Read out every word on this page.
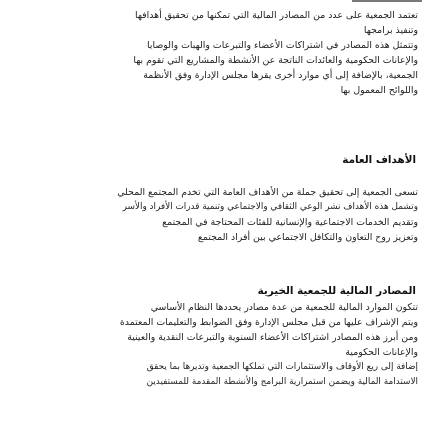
تعتمد الجمعية على عدد من المصادر المالية التي تمكنها من تحقيق أهدافها
وتنفيذ برامجها
وتتمثل هذه المصادر في اشتراكات الأعضاء والتبرعات والهبات والوصايا
والإعانات الحكومية والعائدات الناتجة عن الأنشطة والمشاريع التي تقوم بها
الجمعية، بالإضافة إلى أي موارد أخرى يقرها مجلس الإدارة وفق الأنظمة
واللوائح المعمول بها
الأهداف العامة
تسعى الجمعية إلى تحقيق جملة من الأهداف العامة التي تخدم المجتمع المحلي
وتشمل هذه الأهداف نشر الوعي الثقافي والاجتماعي وتنمية قدرات الأفراد والأسر
وتقديم الخدمات الاجتماعية والإنسانية للفئات المحتاجة في المجتمع
وتعزيز روح التعاون والتكافل الاجتماعي بين أفراد المجتمع
المصادر المالية للجمعية الخيرية
تتكون الموارد المالية للجمعية من عدة مصادر يحددها النظام الأساسي
ويتم الإشراف عليها من قبل مجلس الإدارة وفق الضوابط والتعليمات المعتمدة
ومن أبرز هذه المصادر اشتراكات الأعضاء السنوية والتبرعات النقدية والعينية
والإعانات الحكومية
إضافة إلى ريع الأوقاف والاستثمارات التي تملكها الجمعية وتديرها بما يحقق
الاستدامة المالية ويضمن استمرارية البرامج والأنشطة المقدمة للمستفيدين
